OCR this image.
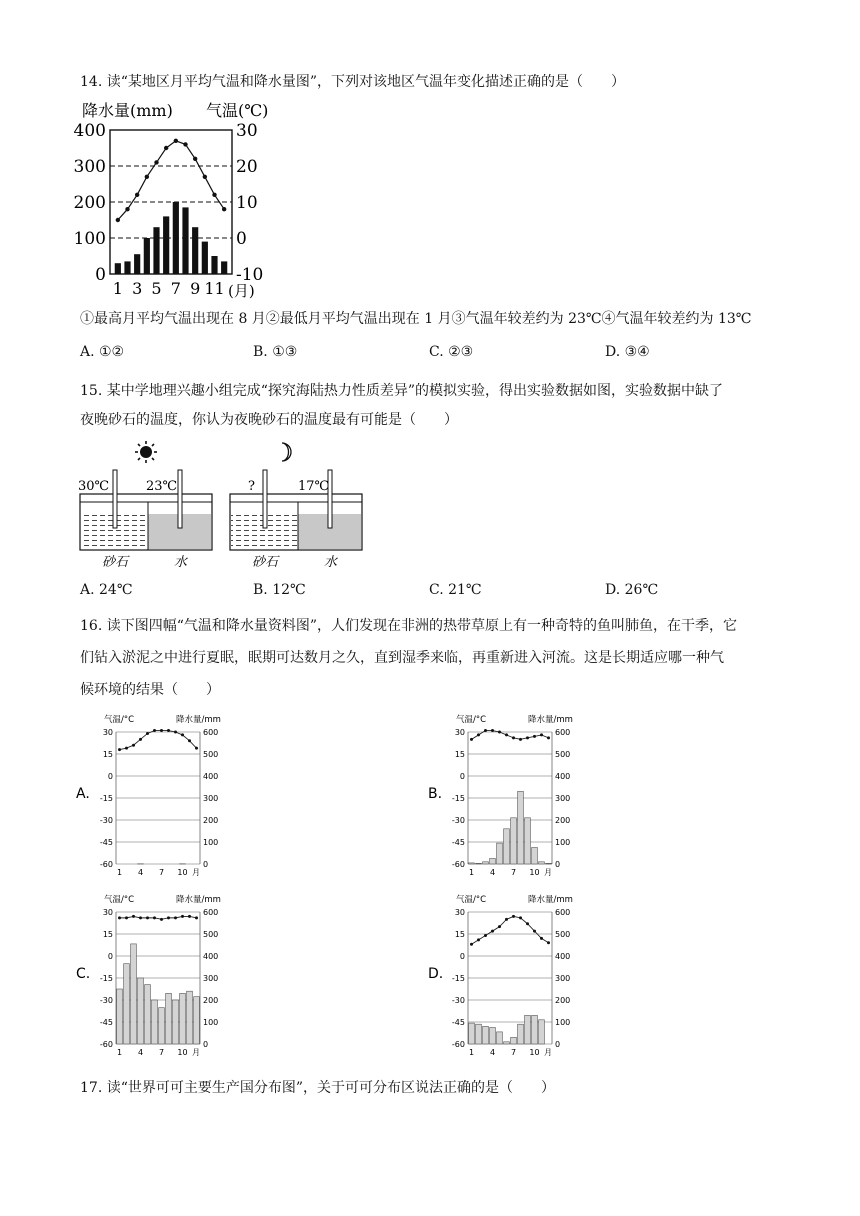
14. 读“某地区月平均气温和降水量图”，下列对该地区气温年变化描述正确的是（　　）
降水量(mm) 气温(℃)
400
300
200
100
0
30
20
10
0
-10
1 3 5 7 9 11 (月)
①最高月平均气温出现在 8 月②最低月平均气温出现在 1 月③气温年较差约为 23℃④气温年较差约为 13℃
A. ①②	B. ①③	C. ②③	D. ③④
15. 某中学地理兴趣小组完成“探究海陆热力性质差异”的模拟实验，得出实验数据如图，实验数据中缺了
夜晚砂石的温度，你认为夜晚砂石的温度最有可能是（　　）
30℃	23℃
砂石	水
?	17℃
砂石	水
A. 24℃	B. 12℃	C. 21℃	D. 26℃
16. 读下图四幅“气温和降水量资料图”，人们发现在非洲的热带草原上有一种奇特的鱼叫肺鱼，在干季，它
们钻入淤泥之中进行夏眠，眠期可达数月之久，直到湿季来临，再重新进入河流。这是长期适应哪一种气
候环境的结果（　　）
A.
气温/°C	降水量/mm
30
15
0
-15
-30
-45
-60
600
500
400
300
200
100
0
1 4 7 10 月
B.
气温/°C	降水量/mm
30
15
0
-15
-30
-45
-60
600
500
400
300
200
100
0
1 4 7 10 月
C.
气温/°C	降水量/mm
30
15
0
-15
-30
-45
-60
600
500
400
300
200
100
0
1 4 7 10 月
D.
气温/°C	降水量/mm
30
15
0
-15
-30
-45
-60
600
500
400
300
200
100
0
1 4 7 10 月
17. 读“世界可可主要生产国分布图”，关于可可分布区说法正确的是（　　）
